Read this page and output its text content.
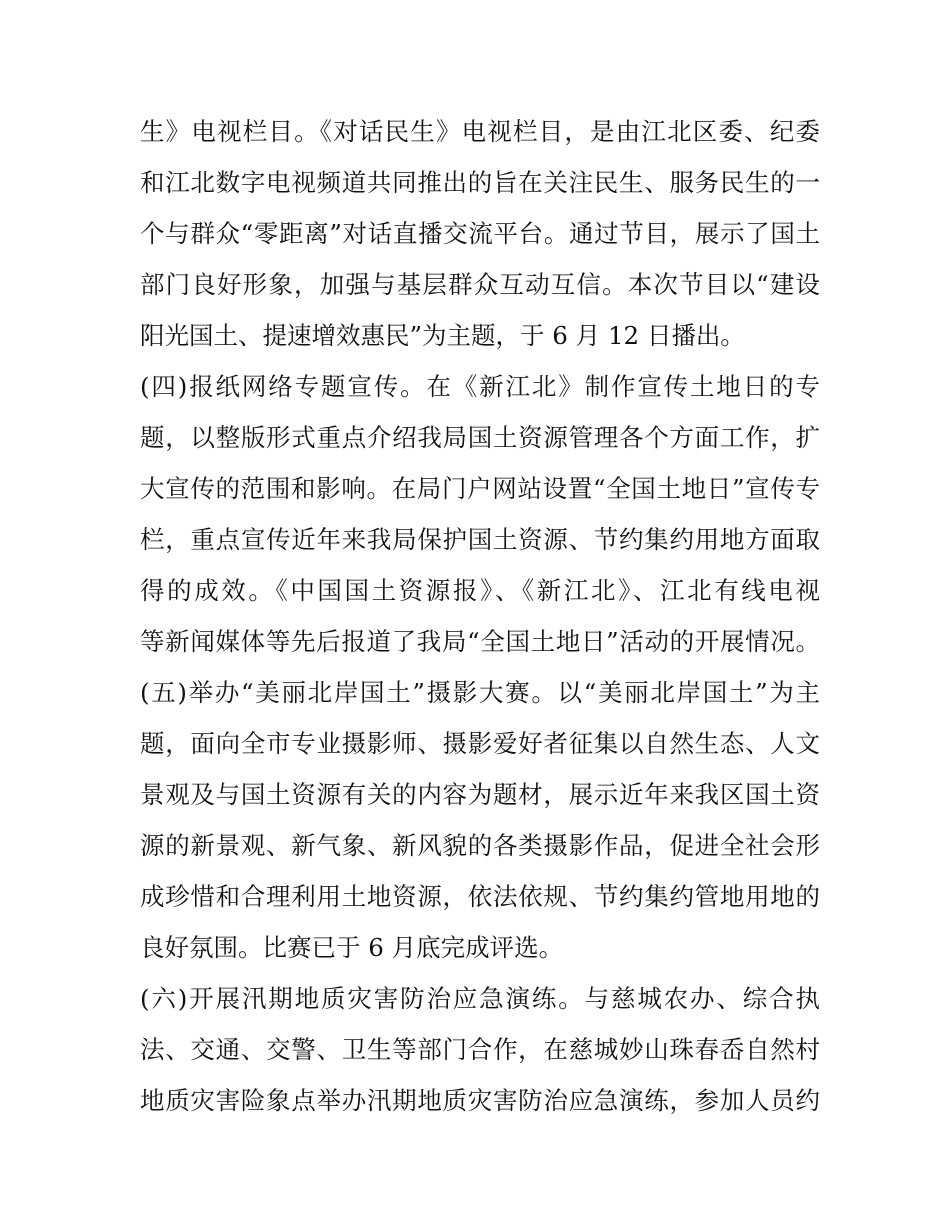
生》电视栏目。《对话民生》电视栏目，是由江北区委、纪委
和江北数字电视频道共同推出的旨在关注民生、服务民生的一
个与群众“零距离”对话直播交流平台。通过节目，展示了国土
部门良好形象，加强与基层群众互动互信。本次节目以“建设
阳光国土、提速增效惠民”为主题，于 6 月 12 日播出。
(四)报纸网络专题宣传。在《新江北》制作宣传土地日的专
题，以整版形式重点介绍我局国土资源管理各个方面工作，扩
大宣传的范围和影响。在局门户网站设置“全国土地日”宣传专
栏，重点宣传近年来我局保护国土资源、节约集约用地方面取
得的成效。《中国国土资源报》、《新江北》、江北有线电视
等新闻媒体等先后报道了我局“全国土地日”活动的开展情况。
(五)举办“美丽北岸国土”摄影大赛。以“美丽北岸国土”为主
题，面向全市专业摄影师、摄影爱好者征集以自然生态、人文
景观及与国土资源有关的内容为题材，展示近年来我区国土资
源的新景观、新气象、新风貌的各类摄影作品，促进全社会形
成珍惜和合理利用土地资源，依法依规、节约集约管地用地的
良好氛围。比赛已于 6 月底完成评选。
(六)开展汛期地质灾害防治应急演练。与慈城农办、综合执
法、交通、交警、卫生等部门合作，在慈城妙山珠春岙自然村
地质灾害险象点举办汛期地质灾害防治应急演练，参加人员约
